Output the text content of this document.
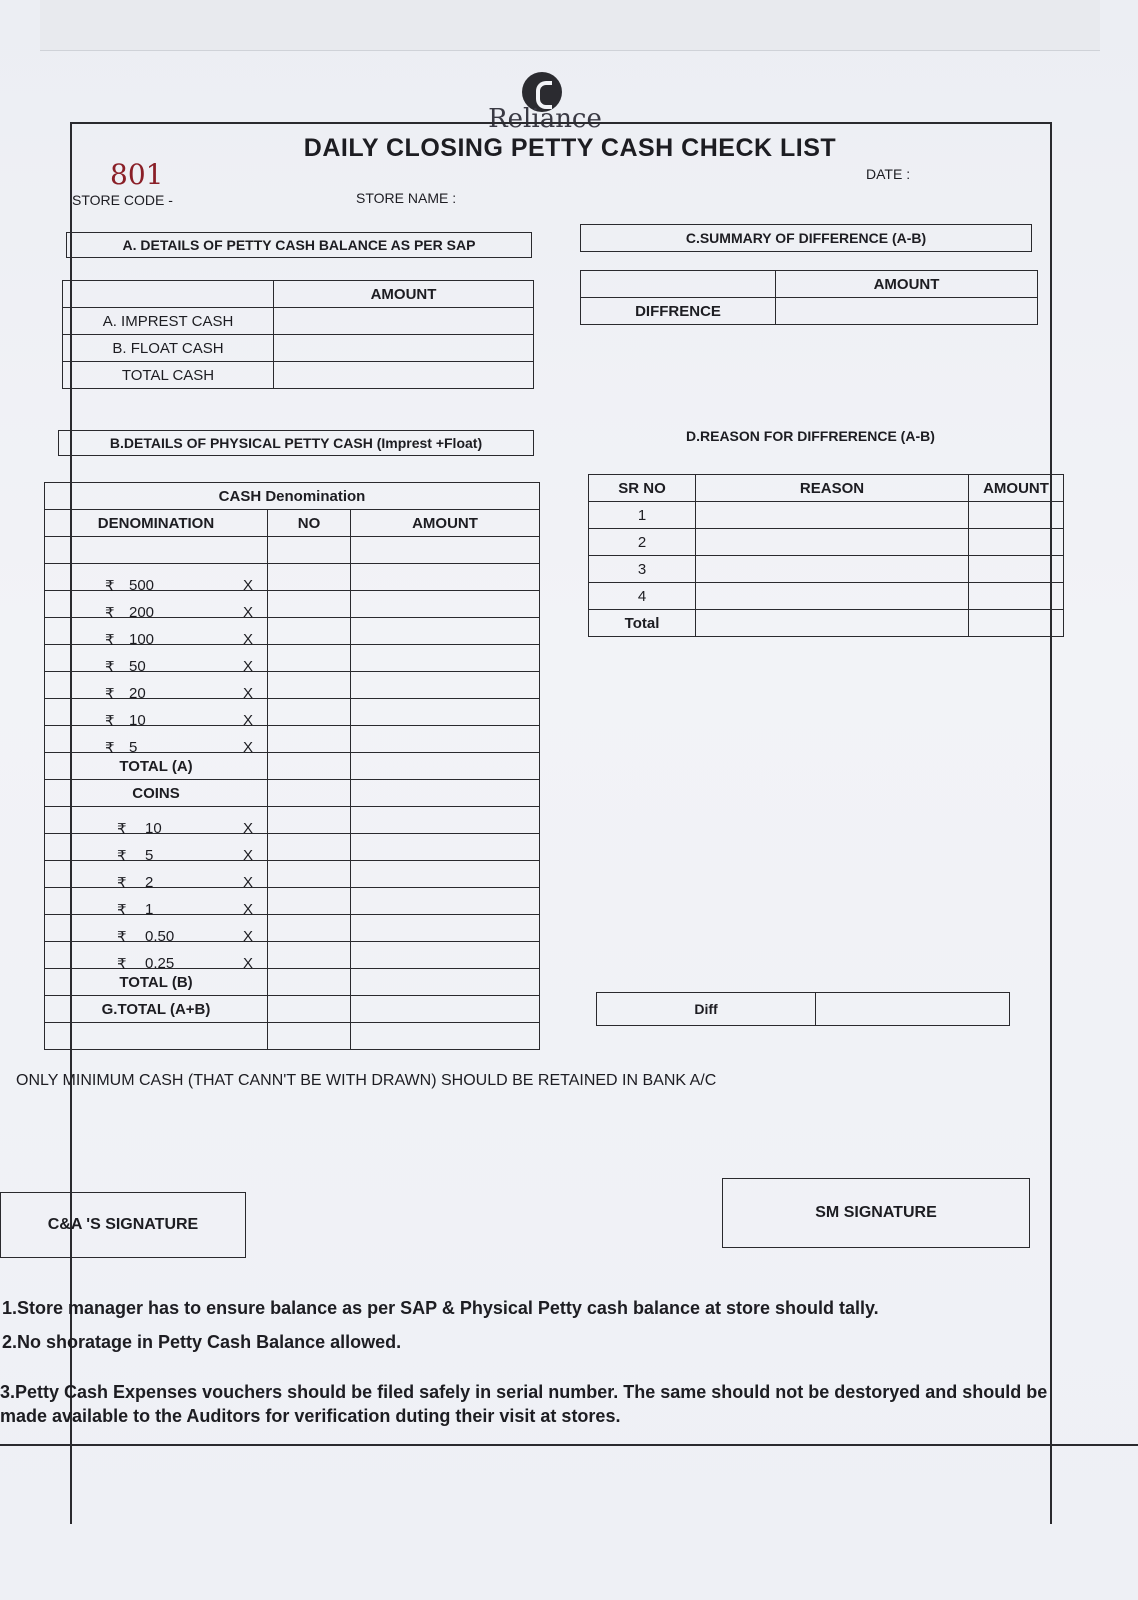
Reliance
DAILY CLOSING PETTY CASH CHECK LIST
801
STORE CODE -	STORE NAME :
DATE :
A. DETAILS OF PETTY CASH BALANCE AS PER SAP
	AMOUNT
A. IMPREST CASH	
B. FLOAT CASH	
TOTAL CASH	
C.SUMMARY OF DIFFERENCE (A-B)
	AMOUNT
DIFFRENCE	
B.DETAILS OF PHYSICAL PETTY CASH (Imprest +Float)
CASH Denomination		
DENOMINATION	NO	AMOUNT

₹ 500 X		

₹ 200 X		

₹ 100 X		

₹ 50 X		

₹ 20 X		

₹ 10 X		

₹ 5 X		

TOTAL (A)		
COINS		

₹ 10 X		

₹ 5 X		

₹ 2 X		

₹ 1 X		

₹ 0.50 X		

₹ 0.25 X		

TOTAL (B)		
G.TOTAL (A+B)		

D.REASON FOR DIFFRERENCE (A-B)
SR NO	REASON	AMOUNT
1		
2		
3		
4		
Total		
Diff
ONLY MINIMUM CASH (THAT CANN'T BE WITH DRAWN) SHOULD BE RETAINED IN BANK A/C
C&A 'S SIGNATURE
SM SIGNATURE
1.Store manager has to ensure balance as per SAP & Physical Petty cash balance at store should tally.
2.No shoratage in Petty Cash Balance allowed.
3.Petty Cash Expenses vouchers should be filed safely in serial number. The same should not be destoryed and should be
made available to the Auditors for verification duting their visit at stores.
